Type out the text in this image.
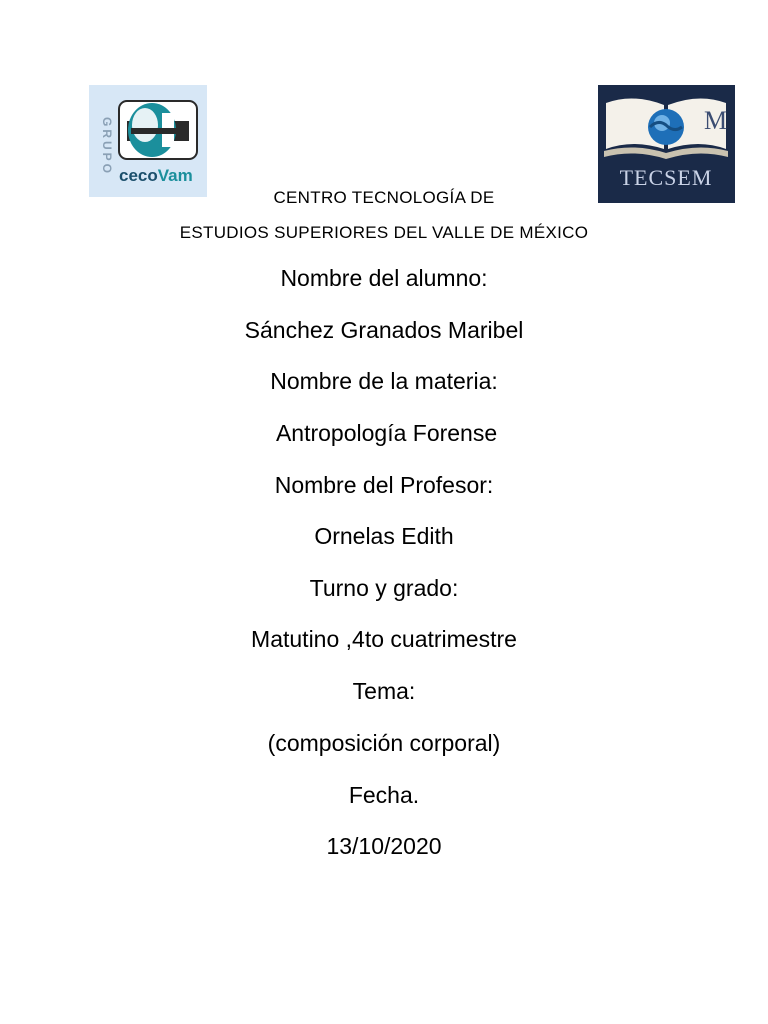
GRUPO cecoVam
M
TECSEM
CENTRO TECNOLOGÍA DE
ESTUDIOS SUPERIORES DEL VALLE DE MÉXICO
Nombre del alumno:
Sánchez Granados Maribel
Nombre de la materia:
Antropología Forense
Nombre del Profesor:
Ornelas Edith
Turno y grado:
Matutino ,4to cuatrimestre
Tema:
(composición corporal)
Fecha.
13/10/2020
